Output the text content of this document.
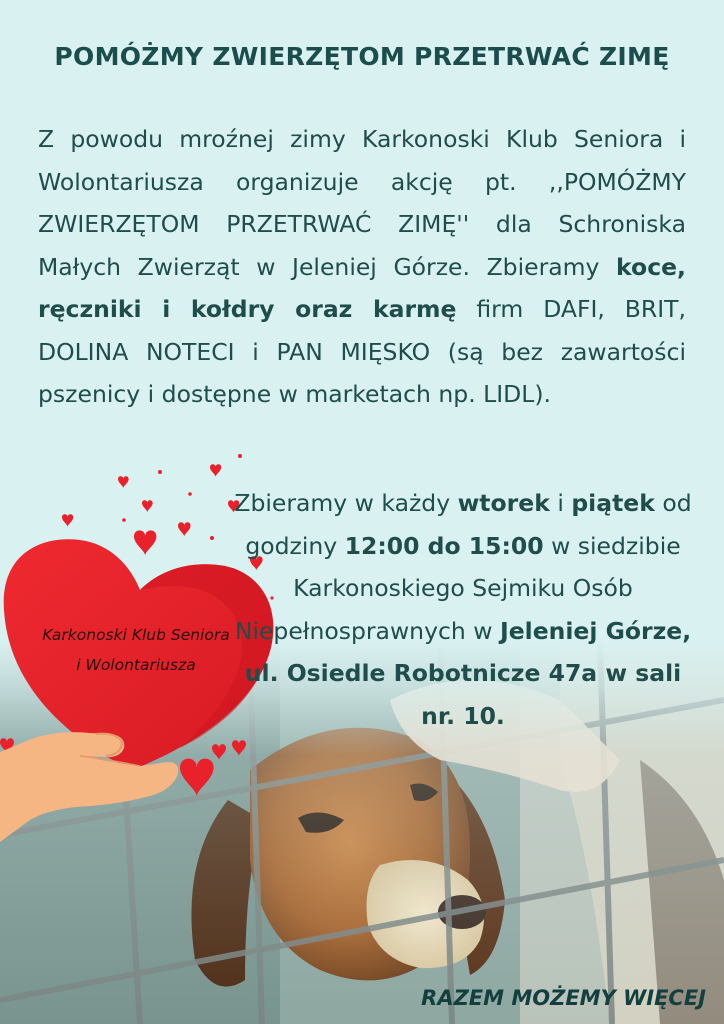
POMÓŻMY ZWIERZĘTOM PRZETRWAĆ ZIMĘ

Z powodu mroźnej zimy Karkonoski Klub Seniora i Wolontariusza organizuje akcję pt. ,,POMÓŻMY ZWIERZĘTOM PRZETRWAĆ ZIMĘ'' dla Schroniska Małych Zwierząt w Jeleniej Górze. Zbieramy koce, ręczniki i kołdry oraz karmę firm DAFI, BRIT, DOLINA NOTECI i PAN MIĘSKO (są bez zawartości pszenicy i dostępne w marketach np. LIDL).

Zbieramy w każdy wtorek i piątek od godziny 12:00 do 15:00 w siedzibie Karkonoskiego Sejmiku Osób Niepełnosprawnych w Jeleniej Górze, ul. Osiedle Robotnicze 47a w sali nr. 10.

Karkonoski Klub Seniora
i Wolontariusza

RAZEM MOŻEMY WIĘCEJ
